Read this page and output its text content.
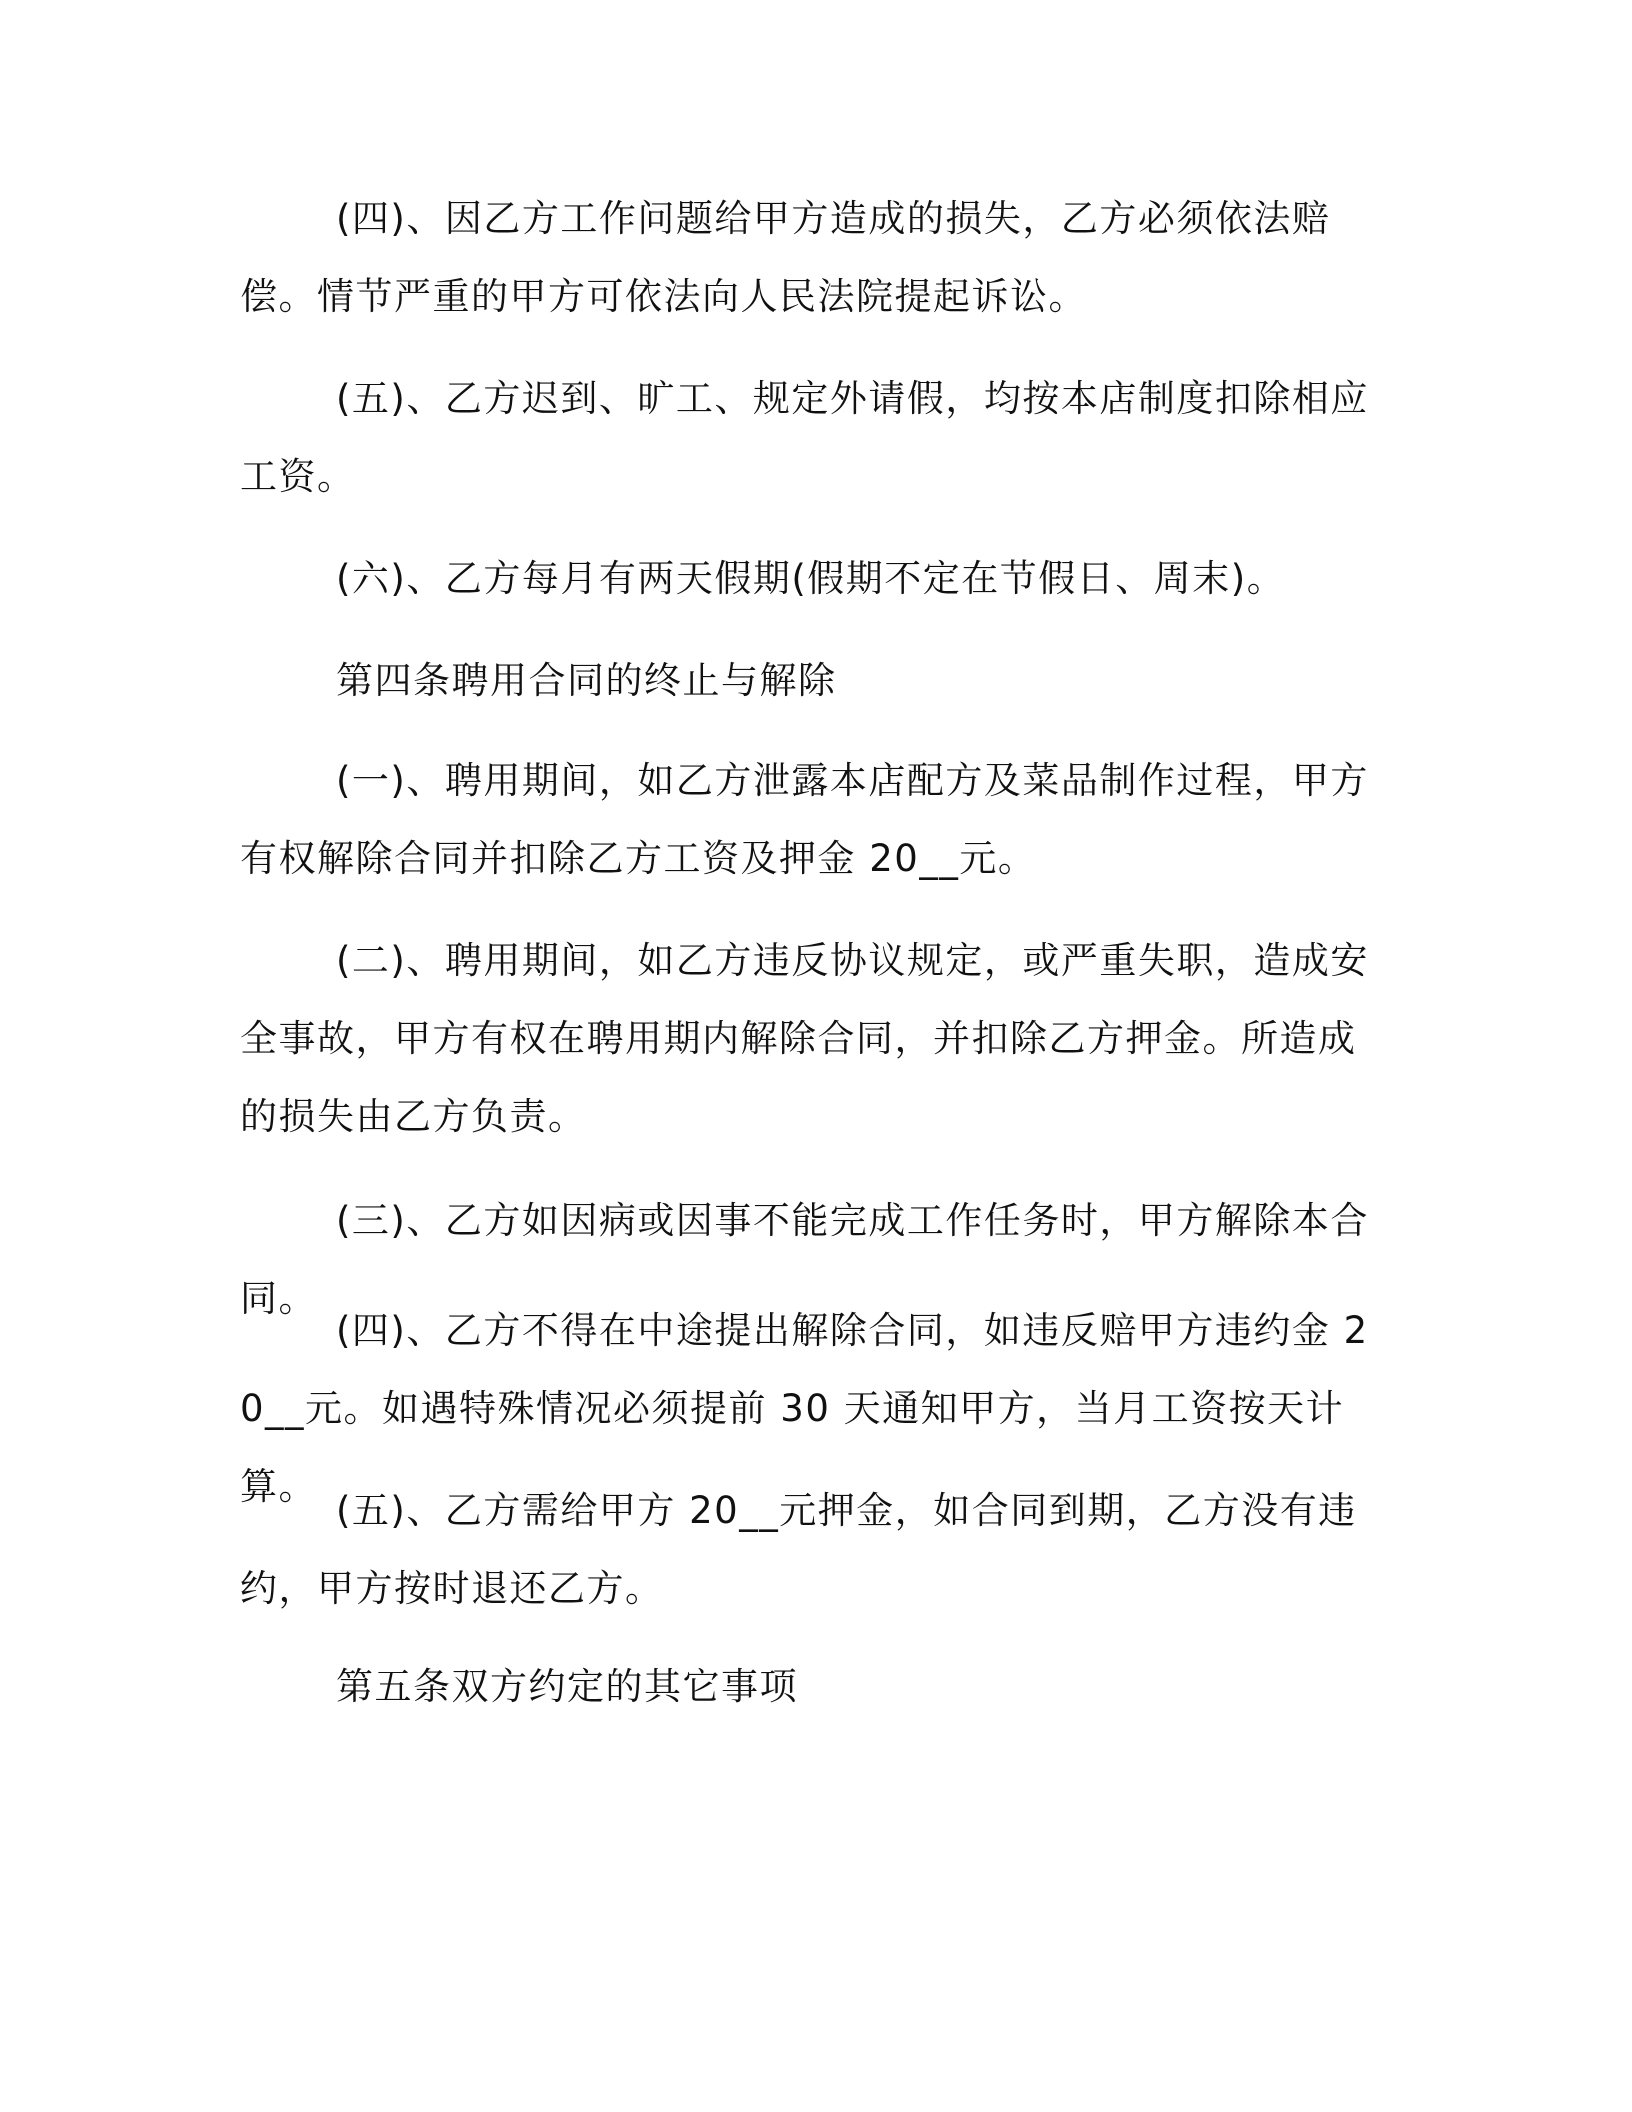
(四)、因乙方工作问题给甲方造成的损失，乙方必须依法赔偿。情节严重的甲方可依法向人民法院提起诉讼。

(五)、乙方迟到、旷工、规定外请假，均按本店制度扣除相应工资。

(六)、乙方每月有两天假期(假期不定在节假日、周末)。

第四条聘用合同的终止与解除

(一)、聘用期间，如乙方泄露本店配方及菜品制作过程，甲方有权解除合同并扣除乙方工资及押金 20__元。

(二)、聘用期间，如乙方违反协议规定，或严重失职，造成安全事故，甲方有权在聘用期内解除合同，并扣除乙方押金。所造成的损失由乙方负责。

(三)、乙方如因病或因事不能完成工作任务时，甲方解除本合同。

(四)、乙方不得在中途提出解除合同，如违反赔甲方违约金 20__元。如遇特殊情况必须提前 30 天通知甲方，当月工资按天计算。

(五)、乙方需给甲方 20__元押金，如合同到期，乙方没有违约，甲方按时退还乙方。

第五条双方约定的其它事项
